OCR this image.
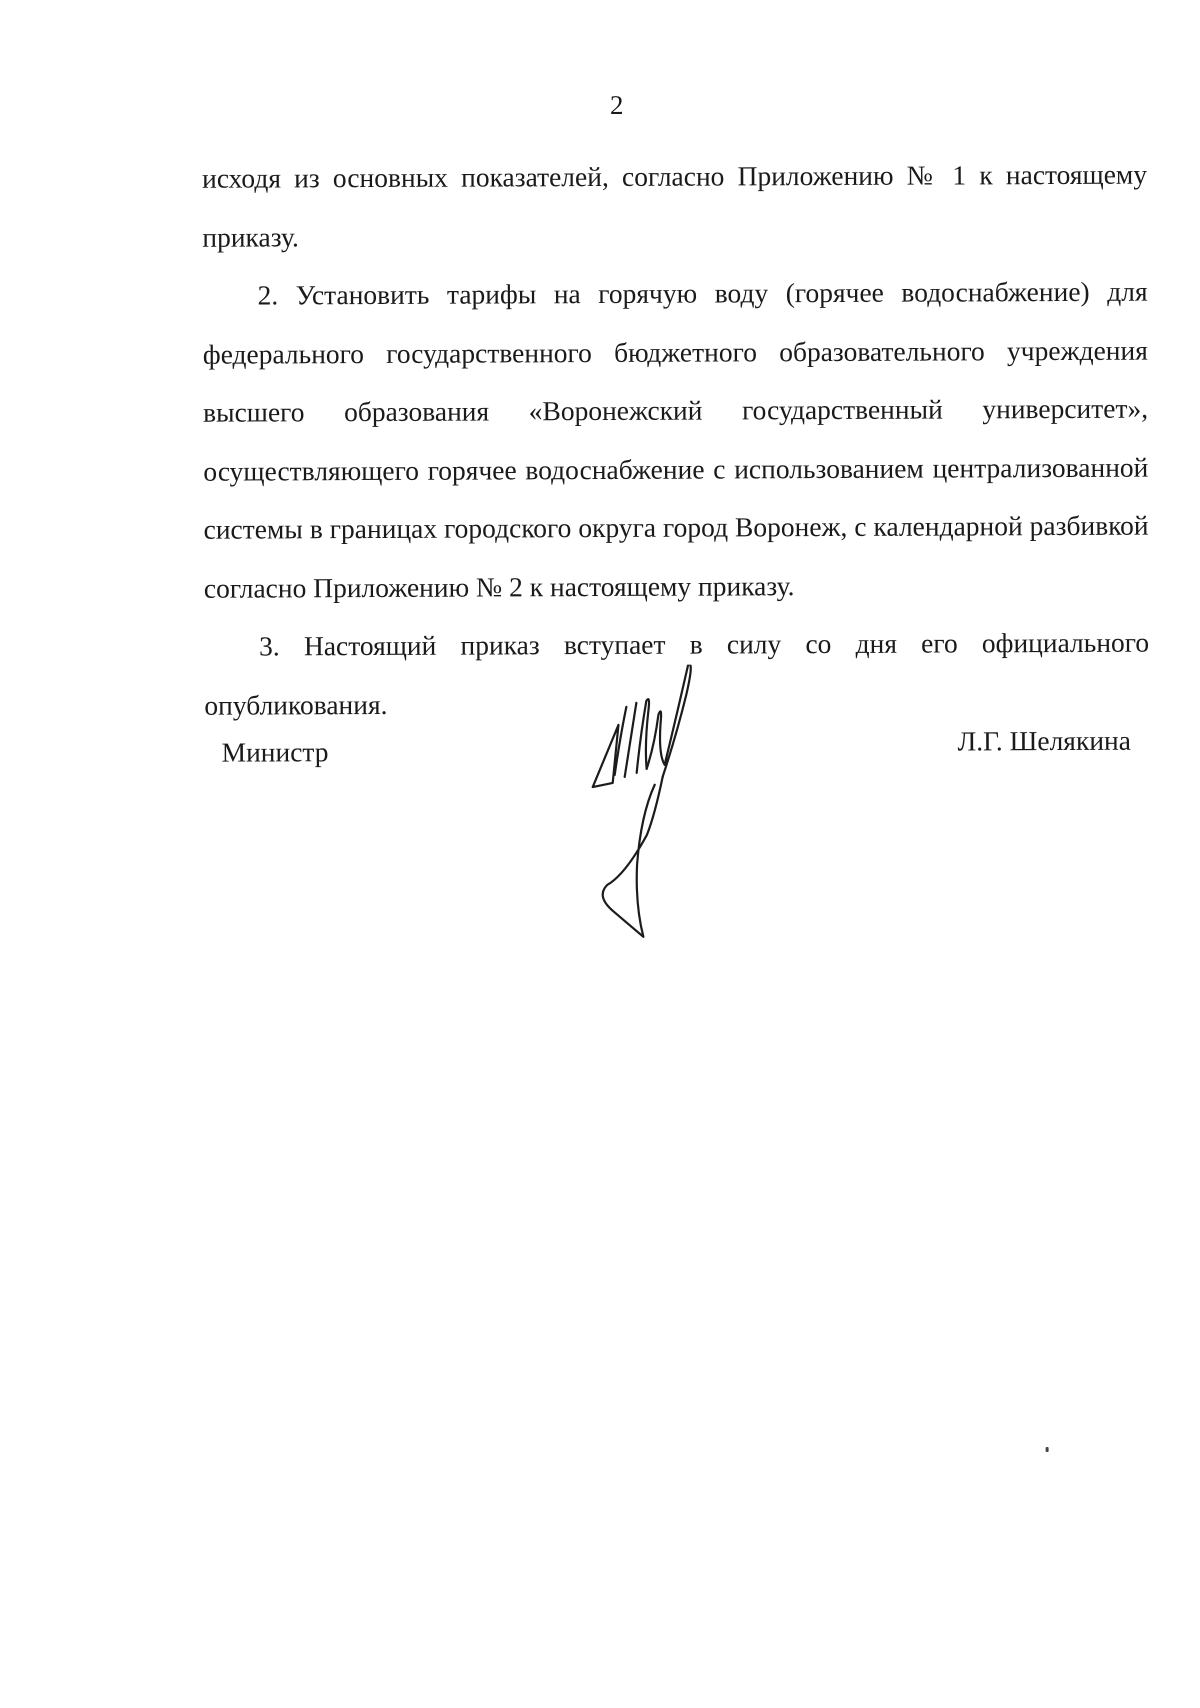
2

исходя из основных показателей, согласно Приложению № 1 к настоящему приказу.

2. Установить тарифы на горячую воду (горячее водоснабжение) для федерального государственного бюджетного образовательного учреждения высшего образования «Воронежский государственный университет», осуществляющего горячее водоснабжение с использованием централизованной системы в границах городского округа город Воронеж, с календарной разбивкой согласно Приложению № 2 к настоящему приказу.

3. Настоящий приказ вступает в силу со дня его официального опубликования.

Министр	Л.Г. Шелякина
